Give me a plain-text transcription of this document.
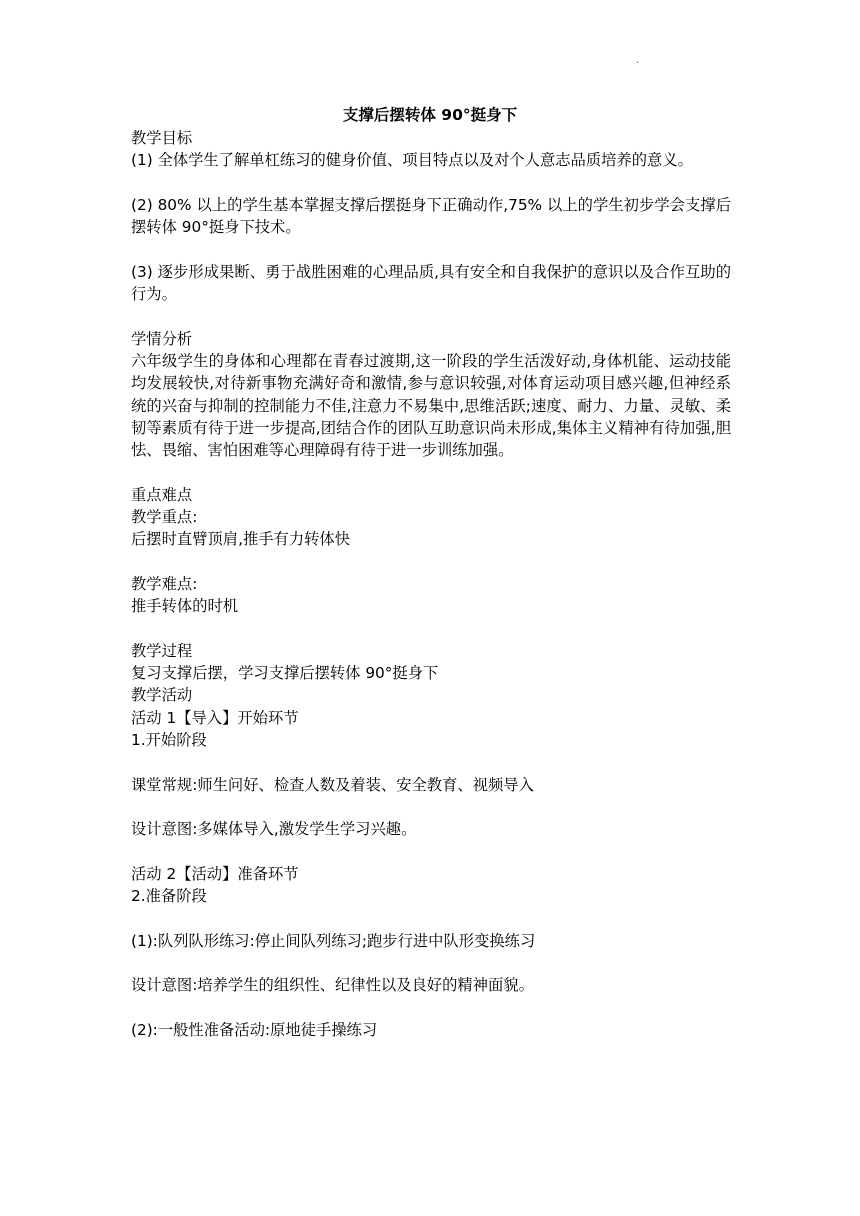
.
支撑后摆转体 90°挺身下

教学目标

(1) 全体学生了解单杠练习的健身价值、项目特点以及对个人意志品质培养的意义。

(2) 80% 以上的学生基本掌握支撑后摆挺身下正确动作,75% 以上的学生初步学会支撑后摆转体 90°挺身下技术。

(3) 逐步形成果断、勇于战胜困难的心理品质,具有安全和自我保护的意识以及合作互助的行为。

学情分析

六年级学生的身体和心理都在青春过渡期,这一阶段的学生活泼好动,身体机能、运动技能均发展较快,对待新事物充满好奇和激情,参与意识较强,对体育运动项目感兴趣,但神经系统的兴奋与抑制的控制能力不佳,注意力不易集中,思维活跃;速度、耐力、力量、灵敏、柔韧等素质有待于进一步提高,团结合作的团队互助意识尚未形成,集体主义精神有待加强,胆怯、畏缩、害怕困难等心理障碍有待于进一步训练加强。

重点难点

教学重点:

后摆时直臂顶肩,推手有力转体快

教学难点:

推手转体的时机

教学过程

复习支撑后摆，学习支撑后摆转体 90°挺身下

教学活动

活动 1【导入】开始环节

1.开始阶段

课堂常规:师生问好、检查人数及着装、安全教育、视频导入

设计意图:多媒体导入,激发学生学习兴趣。

活动 2【活动】准备环节

2.准备阶段

(1):队列队形练习:停止间队列练习;跑步行进中队形变换练习

设计意图:培养学生的组织性、纪律性以及良好的精神面貌。

(2):一般性准备活动:原地徒手操练习
